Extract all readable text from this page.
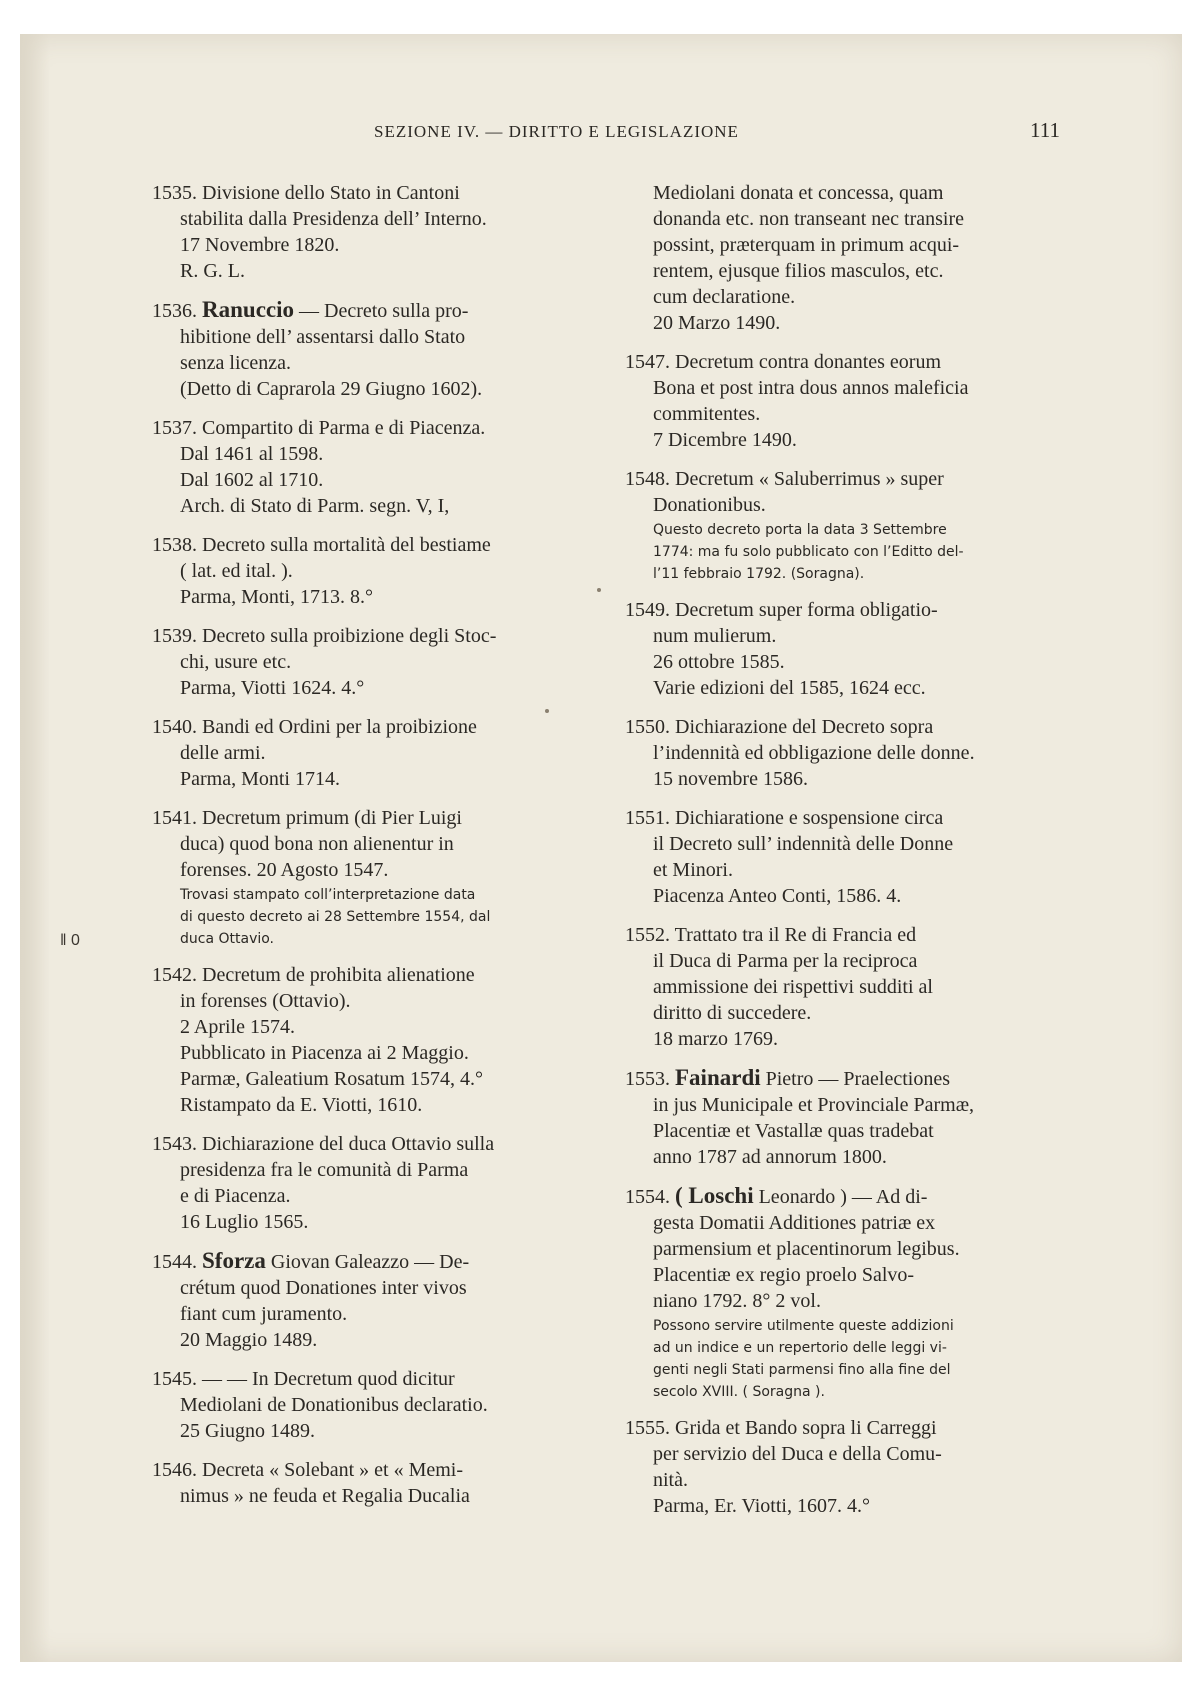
SEZIONE IV. — DIRITTO E LEGISLAZIONE	111
‖ 0
1535. Divisione dello Stato in Cantoni
stabilita dalla Presidenza dell’ Interno.
17 Novembre 1820.
R. G. L.
1536. Ranuccio — Decreto sulla pro-
hibitione dell’ assentarsi dallo Stato
senza licenza.
(Detto di Caprarola 29 Giugno 1602).
1537. Compartito di Parma e di Piacenza.
Dal 1461 al 1598.
Dal 1602 al 1710.
Arch. di Stato di Parm. segn. V, I,
1538. Decreto sulla mortalità del bestiame
( lat. ed ital. ).
Parma, Monti, 1713. 8.°
1539. Decreto sulla proibizione degli Stoc-
chi, usure etc.
Parma, Viotti 1624. 4.°
1540. Bandi ed Ordini per la proibizione
delle armi.
Parma, Monti 1714.
1541. Decretum primum (di Pier Luigi
duca) quod bona non alienentur in
forenses. 20 Agosto 1547.
Trovasi stampato coll’interpretazione data
di questo decreto ai 28 Settembre 1554, dal
duca Ottavio.
1542. Decretum de prohibita alienatione
in forenses (Ottavio).
2 Aprile 1574.
Pubblicato in Piacenza ai 2 Maggio.
Parmæ, Galeatium Rosatum 1574, 4.°
Ristampato da E. Viotti, 1610.
1543. Dichiarazione del duca Ottavio sulla
presidenza fra le comunità di Parma
e di Piacenza.
16 Luglio 1565.
1544. Sforza Giovan Galeazzo — De-
crétum quod Donationes inter vivos
fiant cum juramento.
20 Maggio 1489.
1545. — — In Decretum quod dicitur
Mediolani de Donationibus declaratio.
25 Giugno 1489.
1546. Decreta « Solebant » et « Memi-
nimus » ne feuda et Regalia Ducalia
Mediolani donata et concessa, quam
donanda etc. non transeant nec transire
possint, præterquam in primum acqui-
rentem, ejusque filios masculos, etc.
cum declaratione.
20 Marzo 1490.
1547. Decretum contra donantes eorum
Bona et post intra dous annos maleficia
commitentes.
7 Dicembre 1490.
1548. Decretum « Saluberrimus » super
Donationibus.
Questo decreto porta la data 3 Settembre
1774: ma fu solo pubblicato con l’Editto del-
l’11 febbraio 1792. (Soragna).
1549. Decretum super forma obligatio-
num mulierum.
26 ottobre 1585.
Varie edizioni del 1585, 1624 ecc.
1550. Dichiarazione del Decreto sopra
l’indennità ed obbligazione delle donne.
15 novembre 1586.
1551. Dichiaratione e sospensione circa
il Decreto sull’ indennità delle Donne
et Minori.
Piacenza Anteo Conti, 1586. 4.
1552. Trattato tra il Re di Francia ed
il Duca di Parma per la reciproca
ammissione dei rispettivi sudditi al
diritto di succedere.
18 marzo 1769.
1553. Fainardi Pietro — Praelectiones
in jus Municipale et Provinciale Parmæ,
Placentiæ et Vastallæ quas tradebat
anno 1787 ad annorum 1800.
1554. ( Loschi Leonardo ) — Ad di-
gesta Domatii Additiones patriæ ex
parmensium et placentinorum legibus.
Placentiæ ex regio proelo Salvo-
niano 1792. 8° 2 vol.
Possono servire utilmente queste addizioni
ad un indice e un repertorio delle leggi vi-
genti negli Stati parmensi fino alla fine del
secolo XVIII. ( Soragna ).
1555. Grida et Bando sopra li Carreggi
per servizio del Duca e della Comu-
nità.
Parma, Er. Viotti, 1607. 4.°
